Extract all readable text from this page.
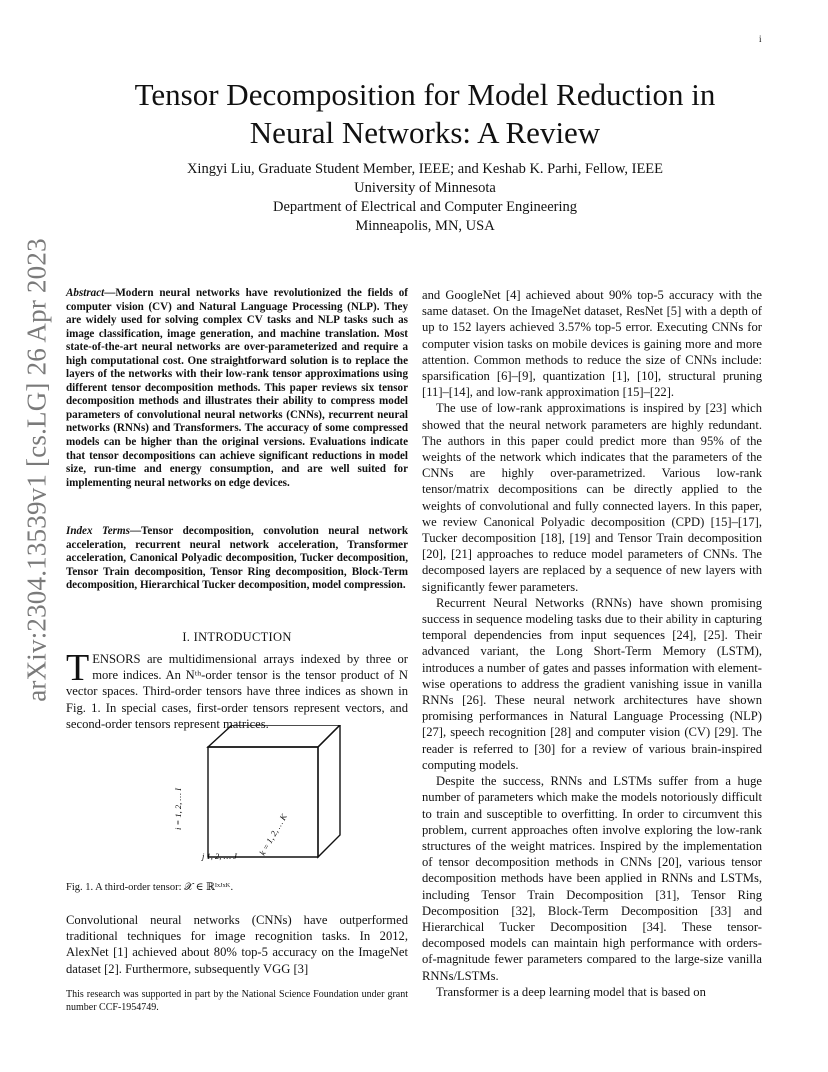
i
arXiv:2304.13539v1 [cs.LG] 26 Apr 2023
Tensor Decomposition for Model Reduction in
Neural Networks: A Review
Xingyi Liu, Graduate Student Member, IEEE; and Keshab K. Parhi, Fellow, IEEE
University of Minnesota
Department of Electrical and Computer Engineering
Minneapolis, MN, USA
Abstract—Modern neural networks have revolutionized the fields of computer vision (CV) and Natural Language Processing (NLP). They are widely used for solving complex CV tasks and NLP tasks such as image classification, image generation, and machine translation. Most state-of-the-art neural networks are over-parameterized and require a high computational cost. One straightforward solution is to replace the layers of the networks with their low-rank tensor approximations using different tensor decomposition methods. This paper reviews six tensor decomposition methods and illustrates their ability to compress model parameters of convolutional neural networks (CNNs), recurrent neural networks (RNNs) and Transformers. The accuracy of some compressed models can be higher than the original versions. Evaluations indicate that tensor decompositions can achieve significant reductions in model size, run-time and energy consumption, and are well suited for implementing neural networks on edge devices.
Index Terms—Tensor decomposition, convolution neural network acceleration, recurrent neural network acceleration, Transformer acceleration, Canonical Polyadic decomposition, Tucker decomposition, Tensor Train decomposition, Tensor Ring decomposition, Block-Term decomposition, Hierarchical Tucker decomposition, model compression.
I. INTRODUCTION
TENSORS are multidimensional arrays indexed by three or more indices. An Nᵗʰ-order tensor is the tensor product of N vector spaces. Third-order tensors have three indices as shown in Fig. 1. In special cases, first-order tensors represent vectors, and second-order tensors represent matrices.
i = 1, 2, … I
j 1, 2, … J k = 1, 2, … K
Fig. 1. A third-order tensor: 𝒳 ∈ ℝᴵˣᴶˣᴷ.
Convolutional neural networks (CNNs) have outperformed traditional techniques for image recognition tasks. In 2012, AlexNet [1] achieved about 80% top-5 accuracy on the ImageNet dataset [2]. Furthermore, subsequently VGG [3]
This research was supported in part by the National Science Foundation under grant number CCF-1954749.

and GoogleNet [4] achieved about 90% top-5 accuracy with the same dataset. On the ImageNet dataset, ResNet [5] with a depth of up to 152 layers achieved 3.57% top-5 error. Executing CNNs for computer vision tasks on mobile devices is gaining more and more attention. Common methods to reduce the size of CNNs include: sparsification [6]–[9], quantization [1], [10], structural pruning [11]–[14], and low-rank approximation [15]–[22].

The use of low-rank approximations is inspired by [23] which showed that the neural network parameters are highly redundant. The authors in this paper could predict more than 95% of the weights of the network which indicates that the parameters of the CNNs are highly over-parametrized. Various low-rank tensor/matrix decompositions can be directly applied to the weights of convolutional and fully connected layers. In this paper, we review Canonical Polyadic decomposition (CPD) [15]–[17], Tucker decomposition [18], [19] and Tensor Train decomposition [20], [21] approaches to reduce model parameters of CNNs. The decomposed layers are replaced by a sequence of new layers with significantly fewer parameters.

Recurrent Neural Networks (RNNs) have shown promising success in sequence modeling tasks due to their ability in capturing temporal dependencies from input sequences [24], [25]. Their advanced variant, the Long Short-Term Memory (LSTM), introduces a number of gates and passes information with element-wise operations to address the gradient vanishing issue in vanilla RNNs [26]. These neural network architectures have shown promising performances in Natural Language Processing (NLP) [27], speech recognition [28] and computer vision (CV) [29]. The reader is referred to [30] for a review of various brain-inspired computing models.

Despite the success, RNNs and LSTMs suffer from a huge number of parameters which make the models notoriously difficult to train and susceptible to overfitting. In order to circumvent this problem, current approaches often involve exploring the low-rank structures of the weight matrices. Inspired by the implementation of tensor decomposition methods in CNNs [20], various tensor decomposition methods have been applied in RNNs and LSTMs, including Tensor Train Decomposition [31], Tensor Ring Decomposition [32], Block-Term Decomposition [33] and Hierarchical Tucker Decomposition [34]. These tensor-decomposed models can maintain high performance with orders-of-magnitude fewer parameters compared to the large-size vanilla RNNs/LSTMs.

Transformer is a deep learning model that is based on
